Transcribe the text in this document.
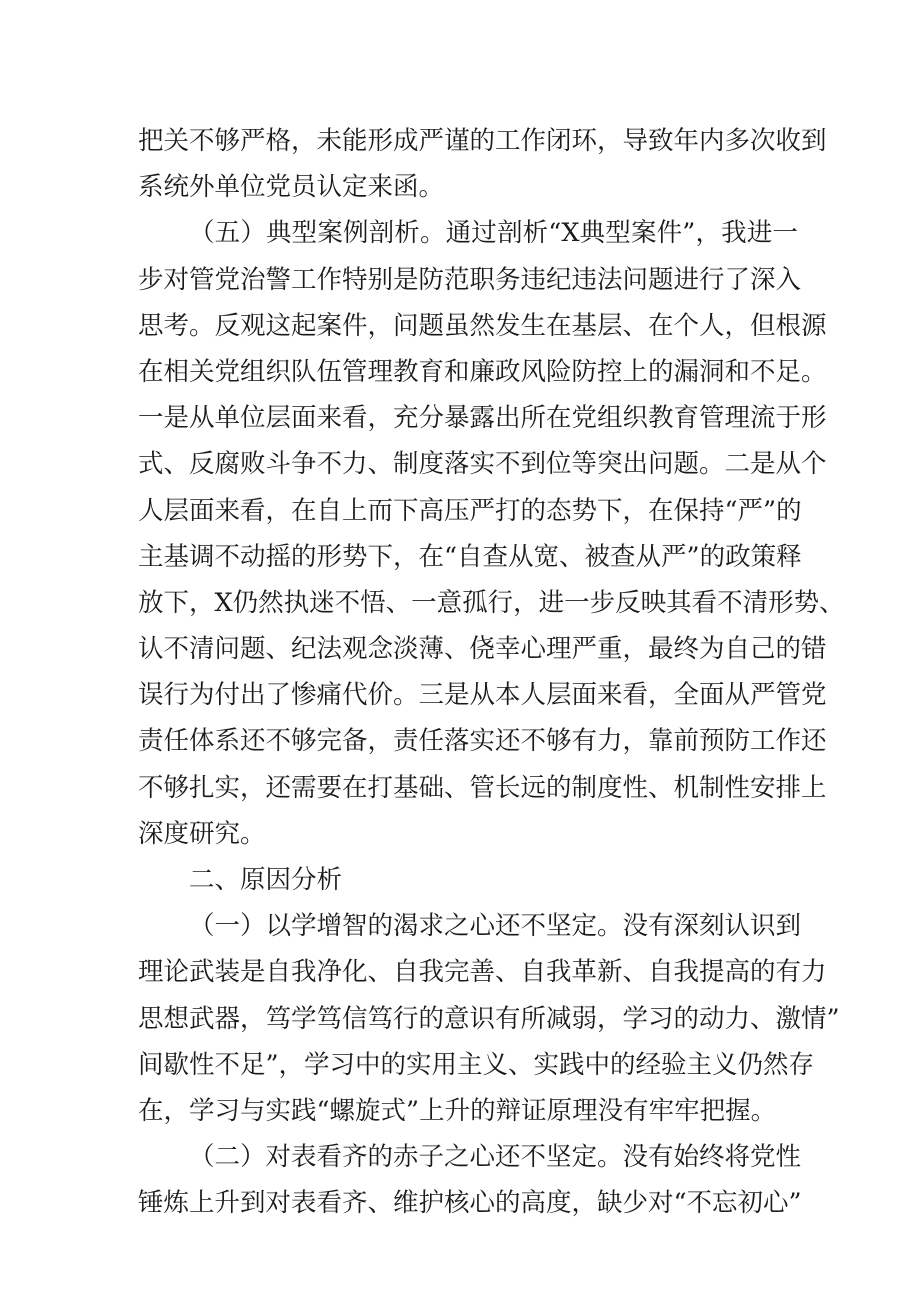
把关不够严格，未能形成严谨的工作闭环，导致年内多次收到
系统外单位党员认定来函。
（五）典型案例剖析。通过剖析“X典型案件”，我进一
步对管党治警工作特别是防范职务违纪违法问题进行了深入
思考。反观这起案件，问题虽然发生在基层、在个人，但根源
在相关党组织队伍管理教育和廉政风险防控上的漏洞和不足。
一是从单位层面来看，充分暴露出所在党组织教育管理流于形
式、反腐败斗争不力、制度落实不到位等突出问题。二是从个
人层面来看，在自上而下高压严打的态势下，在保持“严”的
主基调不动摇的形势下，在“自查从宽、被查从严”的政策释
放下，X仍然执迷不悟、一意孤行，进一步反映其看不清形势、
认不清问题、纪法观念淡薄、侥幸心理严重，最终为自己的错
误行为付出了惨痛代价。三是从本人层面来看，全面从严管党
责任体系还不够完备，责任落实还不够有力，靠前预防工作还
不够扎实，还需要在打基础、管长远的制度性、机制性安排上
深度研究。
二、原因分析
（一）以学增智的渴求之心还不坚定。没有深刻认识到
理论武装是自我净化、自我完善、自我革新、自我提高的有力
思想武器，笃学笃信笃行的意识有所减弱，学习的动力、激情”
间歇性不足”，学习中的实用主义、实践中的经验主义仍然存
在，学习与实践“螺旋式”上升的辩证原理没有牢牢把握。
（二）对表看齐的赤子之心还不坚定。没有始终将党性
锤炼上升到对表看齐、维护核心的高度，缺少对“不忘初心”
